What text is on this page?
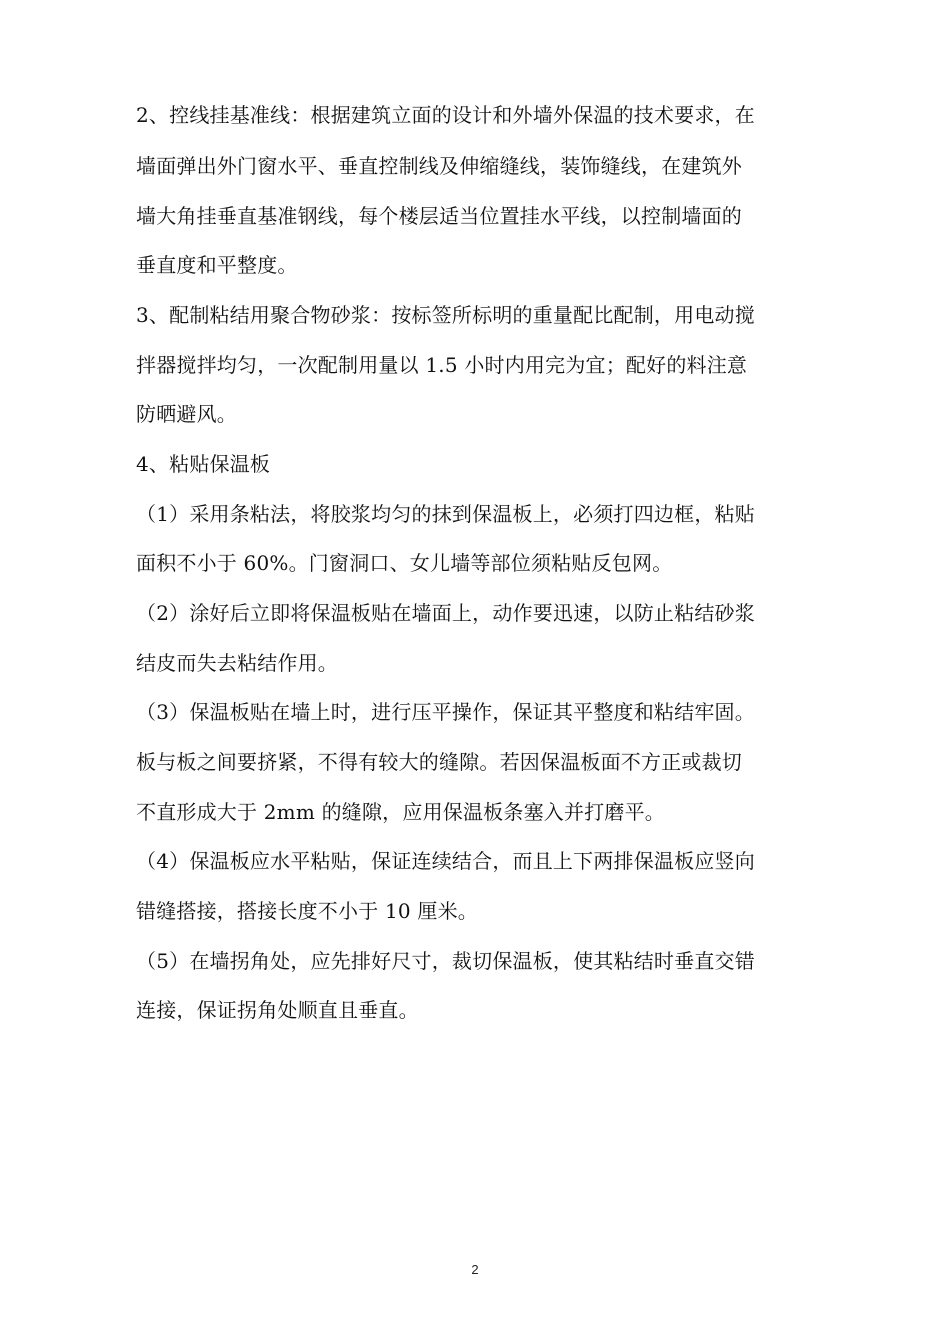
2、控线挂基准线：根据建筑立面的设计和外墙外保温的技术要求，在
墙面弹出外门窗水平、垂直控制线及伸缩缝线，装饰缝线，在建筑外
墙大角挂垂直基准钢线，每个楼层适当位置挂水平线，以控制墙面的
垂直度和平整度。
3、配制粘结用聚合物砂浆：按标签所标明的重量配比配制，用电动搅
拌器搅拌均匀，一次配制用量以 1.5 小时内用完为宜；配好的料注意
防晒避风。
4、粘贴保温板
（1）采用条粘法，将胶浆均匀的抹到保温板上，必须打四边框，粘贴
面积不小于 60%。门窗洞口、女儿墙等部位须粘贴反包网。
（2）涂好后立即将保温板贴在墙面上，动作要迅速，以防止粘结砂浆
结皮而失去粘结作用。
（3）保温板贴在墙上时，进行压平操作，保证其平整度和粘结牢固。
板与板之间要挤紧，不得有较大的缝隙。若因保温板面不方正或裁切
不直形成大于 2mm 的缝隙，应用保温板条塞入并打磨平。
（4）保温板应水平粘贴，保证连续结合，而且上下两排保温板应竖向
错缝搭接，搭接长度不小于 10 厘米。
（5）在墙拐角处，应先排好尺寸，裁切保温板，使其粘结时垂直交错
连接，保证拐角处顺直且垂直。
2
